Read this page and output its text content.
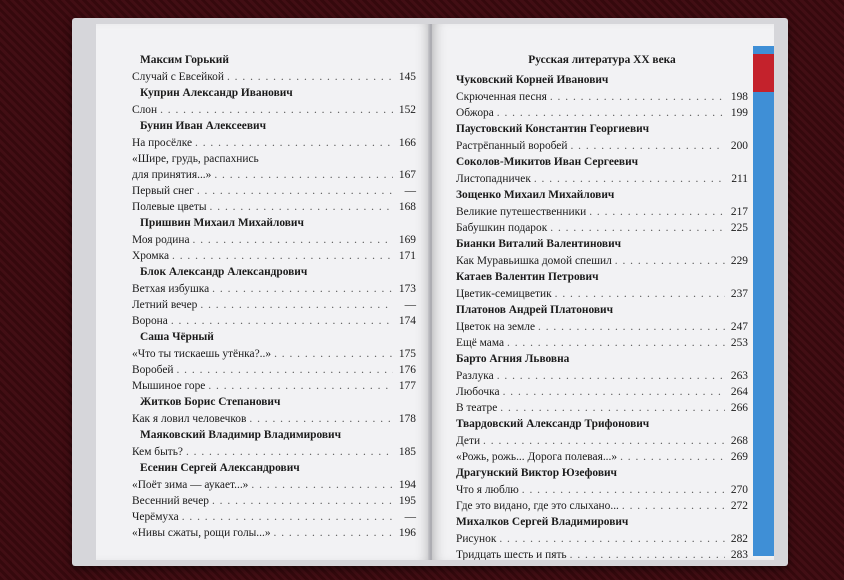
Максим Горький
Случай с Евсейкой . . .	145
Куприн Александр Иванович
Слон . . .	152
Бунин Иван Алексеевич
На просёлке . . .	166
«Шире, грудь, распахнись
для принятия...» . . .	167
Первый снег . . .	—
Полевые цветы . . .	168
Пришвин Михаил Михайлович
Моя родина . . .	169
Хромка . . .	171
Блок Александр Александрович
Ветхая избушка . . .	173
Летний вечер . . .	—
Ворона . . .	174
Саша Чёрный
«Что ты тискаешь утёнка?..» . . .	175
Воробей . . .	176
Мышиное горе . . .	177
Житков Борис Степанович
Как я ловил человечков . . .	178
Маяковский Владимир Владимирович
Кем быть? . . .	185
Есенин Сергей Александрович
«Поёт зима — аукает...» . . .	194
Весенний вечер . . .	195
Черёмуха . . .	—
«Нивы сжаты, рощи голы...» . . .	196
Русская литература XX века
Чуковский Корней Иванович
Скрюченная песня . . .	198
Обжора . . .	199
Паустовский Константин Георгиевич
Растрёпанный воробей . . .	200
Соколов-Микитов Иван Сергеевич
Листопадничек . . .	211
Зощенко Михаил Михайлович
Великие путешественники . . .	217
Бабушкин подарок . . .	225
Бианки Виталий Валентинович
Как Муравьишка домой спешил . . .	229
Катаев Валентин Петрович
Цветик-семицветик . . .	237
Платонов Андрей Платонович
Цветок на земле . . .	247
Ещё мама . . .	253
Барто Агния Львовна
Разлука . . .	263
Любочка . . .	264
В театре . . .	266
Твардовский Александр Трифонович
Дети . . .	268
«Рожь, рожь... Дорога полевая...» . . .	269
Драгунский Виктор Юзефович
Что я люблю . . .	270
Где это видано, где это слыхано... . . .	272
Михалков Сергей Владимирович
Рисунок . . .	282
Тридцать шесть и пять . . .	283
